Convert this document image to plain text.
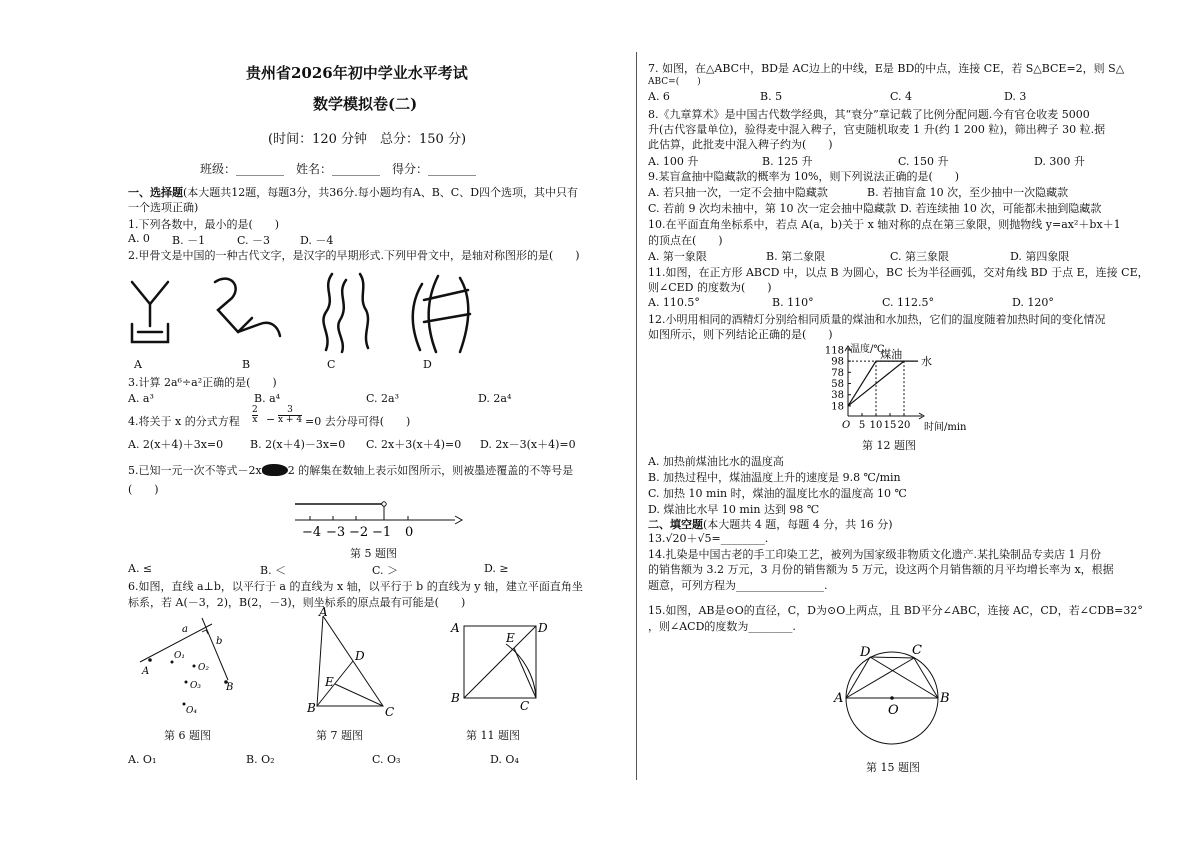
贵州省2026年初中学业水平考试
数学模拟卷(二)
(时间：120 分钟　总分：150 分)
班级：________　姓名：________　得分：________
一、选择题(本大题共12题，每题3分，共36分.每小题均有A、B、C、D四个选项，其中只有
一个选项正确)
1.下列各数中，最小的是(　　)
A. 0 B. －1	C. －3	D. －4
2.甲骨文是中国的一种古代文字，是汉字的早期形式.下列甲骨文中，是轴对称图形的是(　　)
A	B	C	D
3.计算 2a⁶÷a²正确的是(　　)
A. a³	B. a⁴	C. 2a³	D. 2a⁴
4.将关于 x 的分式方程 $\frac{2}{x} - \frac{3}{x + 4} =0$ 去分母可得(　　)
A. 2(x＋4)＋3x=0 B. 2(x＋4)－3x=0 C. 2x＋3(x＋4)=0 D. 2x－3(x＋4)=0
5.已知一元一次不等式－2x 2 的解集在数轴上表示如图所示，则被墨迹覆盖的不等号是
(　　)
−4 −3 −2 −1 0
第 5 题图
A. ≤	B. ＜	C. ＞	D. ≥
6.如图，直线 a⊥b，以平行于 a 的直线为 x 轴，以平行于 b 的直线为 y 轴，建立平面直角坐
标系，若 A(－3，2)，B(2，－3)，则坐标系的原点最有可能是(　　)
a
b
A
B
O₁
O₂
O₃
O₄
第 6 题图
A
B	C
D
E
第 7 题图
A	D
B
C
E
第 11 题图
A. O₁	B. O₂	C. O₃	D. O₄
7. 如图，在△ABC中，BD是 AC边上的中线，E是 BD的中点，连接 CE，若 S△BCE=2，则 S△
ABC=(　　)
A. 6	B. 5	C. 4	D. 3
8.《九章算术》是中国古代数学经典，其“衰分”章记载了比例分配问题.今有官仓收麦 5000
升(古代容量单位)，验得麦中混入稗子，官吏随机取麦 1 升(约 1 200 粒)，筛出稗子 30 粒.据
此估算，此批麦中混入稗子约为(　　)
A. 100 升	B. 125 升	C. 150 升	D. 300 升
9.某盲盒抽中隐藏款的概率为 10%，则下列说法正确的是(　　)
A. 若只抽一次，一定不会抽中隐藏款	B. 若抽盲盒 10 次，至少抽中一次隐藏款
C. 若前 9 次均未抽中，第 10 次一定会抽中隐藏款 D. 若连续抽 10 次，可能都未抽到隐藏款
10.在平面直角坐标系中，若点 A(a，b)关于 x 轴对称的点在第三象限，则抛物线 y=ax²＋bx＋1
的顶点在(　　)
A. 第一象限	B. 第二象限	C. 第三象限	D. 第四象限
11.如图，在正方形 ABCD 中，以点 B 为圆心，BC 长为半径画弧，交对角线 BD 于点 E，连接 CE，
则∠CED 的度数为(　　)
A. 110.5°	B. 110°	C. 112.5°	D. 120°
12.小明用相同的酒精灯分别给相同质量的煤油和水加热，它们的温度随着加热时间的变化情况
如图所示，则下列结论正确的是(　　)
温度/℃
时间/min
O
18
38
58
78
98
118
5 10 15 20
煤油
水
第 12 题图
A. 加热前煤油比水的温度高
B. 加热过程中，煤油温度上升的速度是 9.8 ℃/min
C. 加热 10 min 时，煤油的温度比水的温度高 10 ℃
D. 煤油比水早 10 min 达到 98 ℃
二、填空题(本大题共 4 题，每题 4 分，共 16 分)
13.√20＋√5=________.
14.扎染是中国古老的手工印染工艺，被列为国家级非物质文化遗产.某扎染制品专卖店 1 月份
的销售额为 3.2 万元，3 月份的销售额为 5 万元，设这两个月销售额的月平均增长率为 x，根据
题意，可列方程为________________.
15.如图，AB是⊙O的直径，C，D为⊙O上两点，且 BD平分∠ABC，连接 AC，CD，若∠CDB=32°
，则∠ACD的度数为________.
A	B
C
D
O
第 15 题图
